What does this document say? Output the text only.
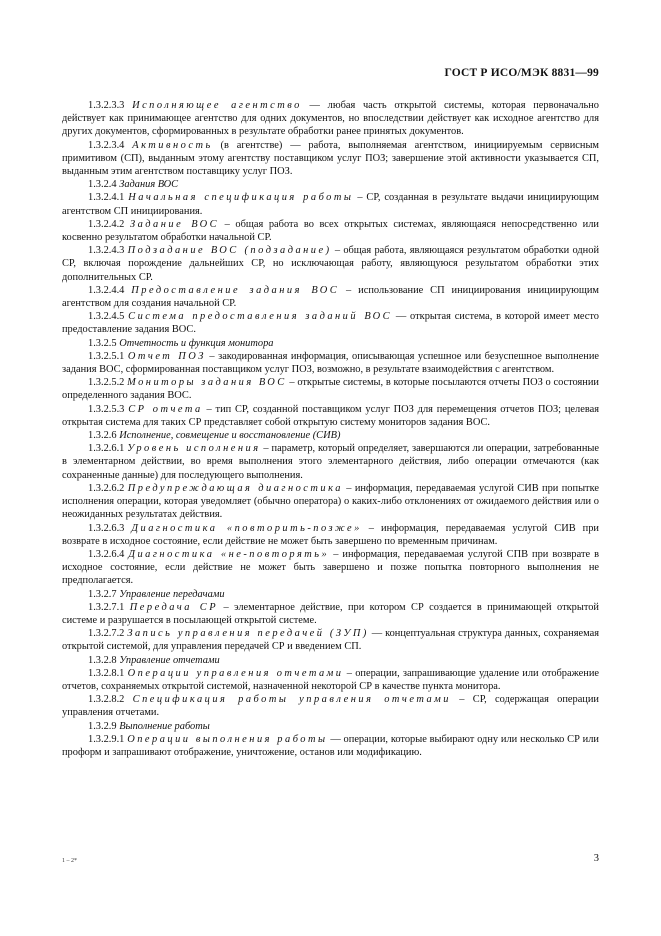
ГОСТ Р ИСО/МЭК 8831—99

1.3.2.3.3 Исполняющее агентство — любая часть открытой системы, которая первоначально действует как принимающее агентство для одних документов, но впоследствии действует как исходное агентство для других документов, сформированных в результате обработки ранее принятых документов.

1.3.2.3.4 Активность (в агентстве) — работа, выполняемая агентством, инициируемым сервисным примитивом (СП), выданным этому агентству поставщиком услуг ПОЗ; завершение этой активности указывается СП, выданным этим агентством поставщику услуг ПОЗ.

1.3.2.4 Задания ВОС

1.3.2.4.1 Начальная спецификация работы – СР, созданная в результате выдачи инициирующим агентством СП инициирования.

1.3.2.4.2 Задание ВОС – общая работа во всех открытых системах, являющаяся непосредственно или косвенно результатом обработки начальной СР.

1.3.2.4.3 Подзадание ВОС (подзадание) – общая работа, являющаяся результатом обработки одной СР, включая порождение дальнейших СР, но исключающая работу, являющуюся результатом обработки этих дополнительных СР.

1.3.2.4.4 Предоставление задания ВОС – использование СП инициирования инициирующим агентством для создания начальной СР.

1.3.2.4.5 Система предоставления заданий ВОС — открытая система, в которой имеет место предоставление задания ВОС.

1.3.2.5 Отчетность и функция монитора

1.3.2.5.1 Отчет ПОЗ – закодированная информация, описывающая успешное или безуспешное выполнение задания ВОС, сформированная поставщиком услуг ПОЗ, возможно, в результате взаимодействия с агентством.

1.3.2.5.2 Мониторы задания ВОС – открытые системы, в которые посылаются отчеты ПОЗ о состоянии определенного задания ВОС.

1.3.2.5.3 СР отчета – тип СР, созданной поставщиком услуг ПОЗ для перемещения отчетов ПОЗ; целевая открытая система для таких СР представляет собой открытую систему мониторов задания ВОС.

1.3.2.6 Исполнение, совмещение и восстановление (СИВ)

1.3.2.6.1 Уровень исполнения – параметр, который определяет, завершаются ли операции, затребованные в элементарном действии, во время выполнения этого элементарного действия, либо операции отмечаются (как сохраненные данные) для последующего выполнения.

1.3.2.6.2 Предупреждающая диагностика – информация, передаваемая услугой СИВ при попытке исполнения операции, которая уведомляет (обычно оператора) о каких-либо отклонениях от ожидаемого действия или о неожиданных результатах действия.

1.3.2.6.3 Диагностика «повторить-позже» – информация, передаваемая услугой СИВ при возврате в исходное состояние, если действие не может быть завершено по временным причинам.

1.3.2.6.4 Диагностика «не-повторять» – информация, передаваемая услугой СПВ при возврате в исходное состояние, если действие не может быть завершено и позже попытка повторного выполнения не предполагается.

1.3.2.7 Управление передачами

1.3.2.7.1 Передача СР – элементарное действие, при котором СР создается в принимающей открытой системе и разрушается в посылающей открытой системе.

1.3.2.7.2 Запись управления передачей (ЗУП) — концептуальная структура данных, сохраняемая открытой системой, для управления передачей СР и введением СП.

1.3.2.8 Управление отчетами

1.3.2.8.1 Операции управления отчетами – операции, запрашивающие удаление или отображение отчетов, сохраняемых открытой системой, назначенной некоторой СР в качестве пункта монитора.

1.3.2.8.2 Спецификация работы управления отчетами – СР, содержащая операции управления отчетами.

1.3.2.9 Выполнение работы

1.3.2.9.1 Операции выполнения работы — операции, которые выбирают одну или несколько СР или проформ и запрашивают отображение, уничтожение, останов или модификацию.

1 – 2*	3
